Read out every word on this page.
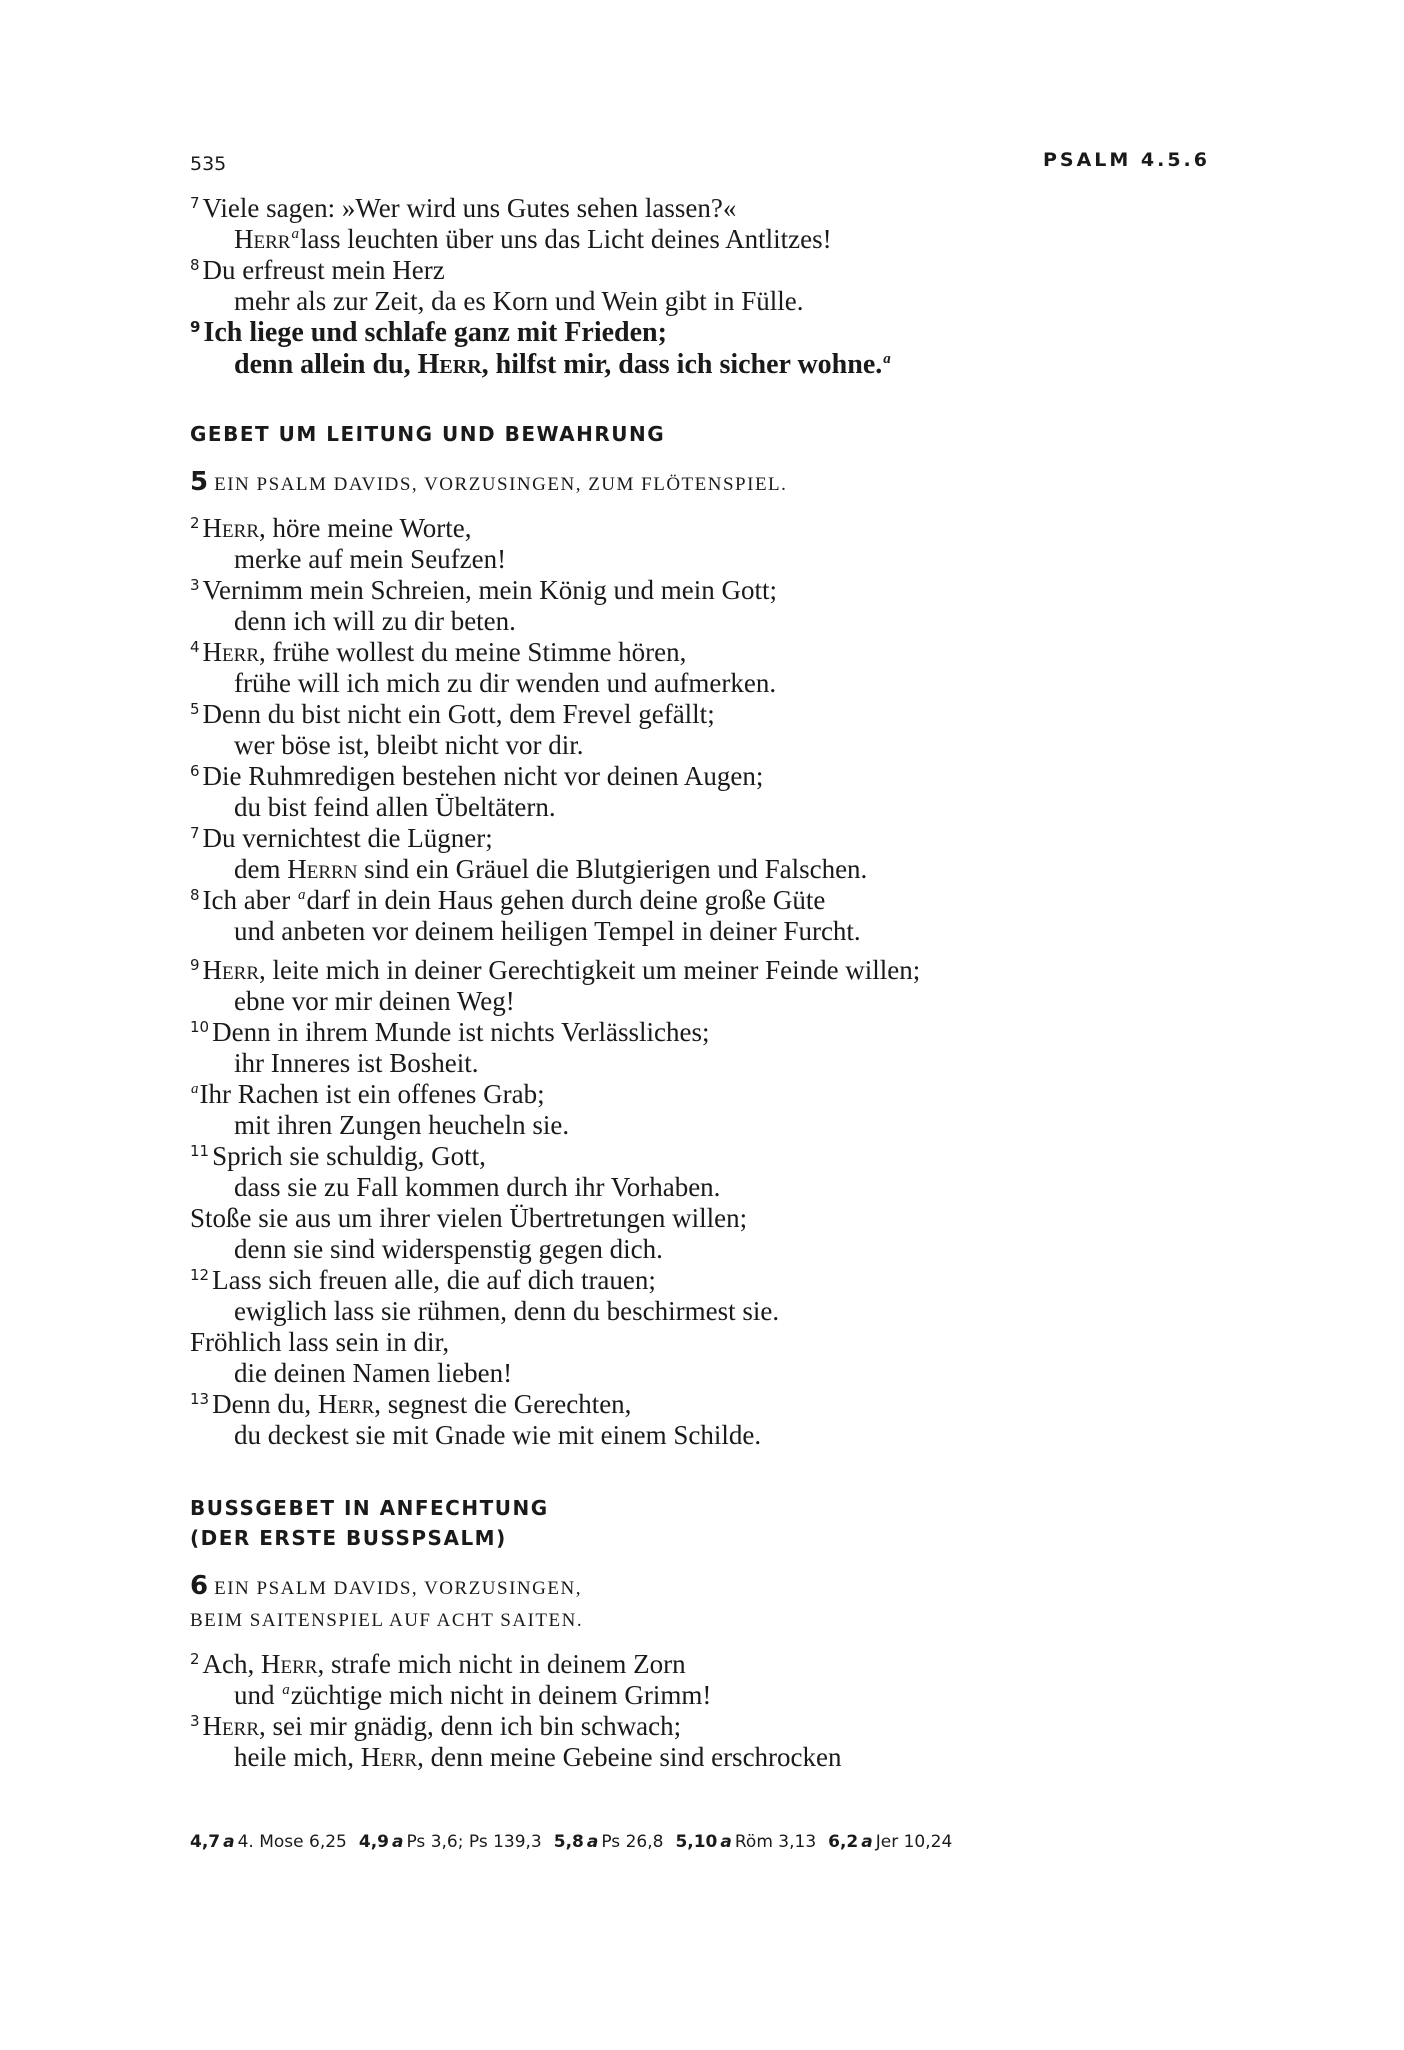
535	PSALM 4.5.6
$^7$ Viele sagen: »Wer wird uns Gutes sehen lassen?«
Herr$^a$lass leuchten über uns das Licht deines Antlitzes!
$^8$ Du erfreust mein Herz
mehr als zur Zeit, da es Korn und Wein gibt in Fülle.
$^9$ Ich liege und schlafe ganz mit Frieden;
denn allein du, Herr, hilfst mir, dass ich sicher wohne.$^a$
GEBET UM LEITUNG UND BEWAHRUNG
5 EIN PSALM DAVIDS, VORZUSINGEN, ZUM FLÖTENSPIEL.
$^2$ Herr, höre meine Worte,
merke auf mein Seufzen!
$^3$ Vernimm mein Schreien, mein König und mein Gott;
denn ich will zu dir beten.
$^4$ Herr, frühe wollest du meine Stimme hören,
frühe will ich mich zu dir wenden und aufmerken.
$^5$ Denn du bist nicht ein Gott, dem Frevel gefällt;
wer böse ist, bleibt nicht vor dir.
$^6$ Die Ruhmredigen bestehen nicht vor deinen Augen;
du bist feind allen Übeltätern.
$^7$ Du vernichtest die Lügner;
dem Herrn sind ein Gräuel die Blutgierigen und Falschen.
$^8$ Ich aber $^a$darf in dein Haus gehen durch deine große Güte
und anbeten vor deinem heiligen Tempel in deiner Furcht.
$^9$ Herr, leite mich in deiner Gerechtigkeit um meiner Feinde willen;
ebne vor mir deinen Weg!
$^{10}$ Denn in ihrem Munde ist nichts Verlässliches;
ihr Inneres ist Bosheit.
$^a$Ihr Rachen ist ein offenes Grab;
mit ihren Zungen heucheln sie.
$^{11}$ Sprich sie schuldig, Gott,
dass sie zu Fall kommen durch ihr Vorhaben.
Stoße sie aus um ihrer vielen Übertretungen willen;
denn sie sind widerspenstig gegen dich.
$^{12}$ Lass sich freuen alle, die auf dich trauen;
ewiglich lass sie rühmen, denn du beschirmest sie.
Fröhlich lass sein in dir,
die deinen Namen lieben!
$^{13}$ Denn du, Herr, segnest die Gerechten,
du deckest sie mit Gnade wie mit einem Schilde.
BUSSGEBET IN ANFECHTUNG
(DER ERSTE BUSSPSALM)
6 EIN PSALM DAVIDS, VORZUSINGEN,
BEIM SAITENSPIEL AUF ACHT SAITEN.
$^2$ Ach, Herr, strafe mich nicht in deinem Zorn
und $^a$züchtige mich nicht in deinem Grimm!
$^3$ Herr, sei mir gnädig, denn ich bin schwach;
heile mich, Herr, denn meine Gebeine sind erschrocken
4,7 a 4. Mose 6,25 4,9 a Ps 3,6; Ps 139,3 5,8 a Ps 26,8 5,10 a Röm 3,13 6,2 a Jer 10,24
